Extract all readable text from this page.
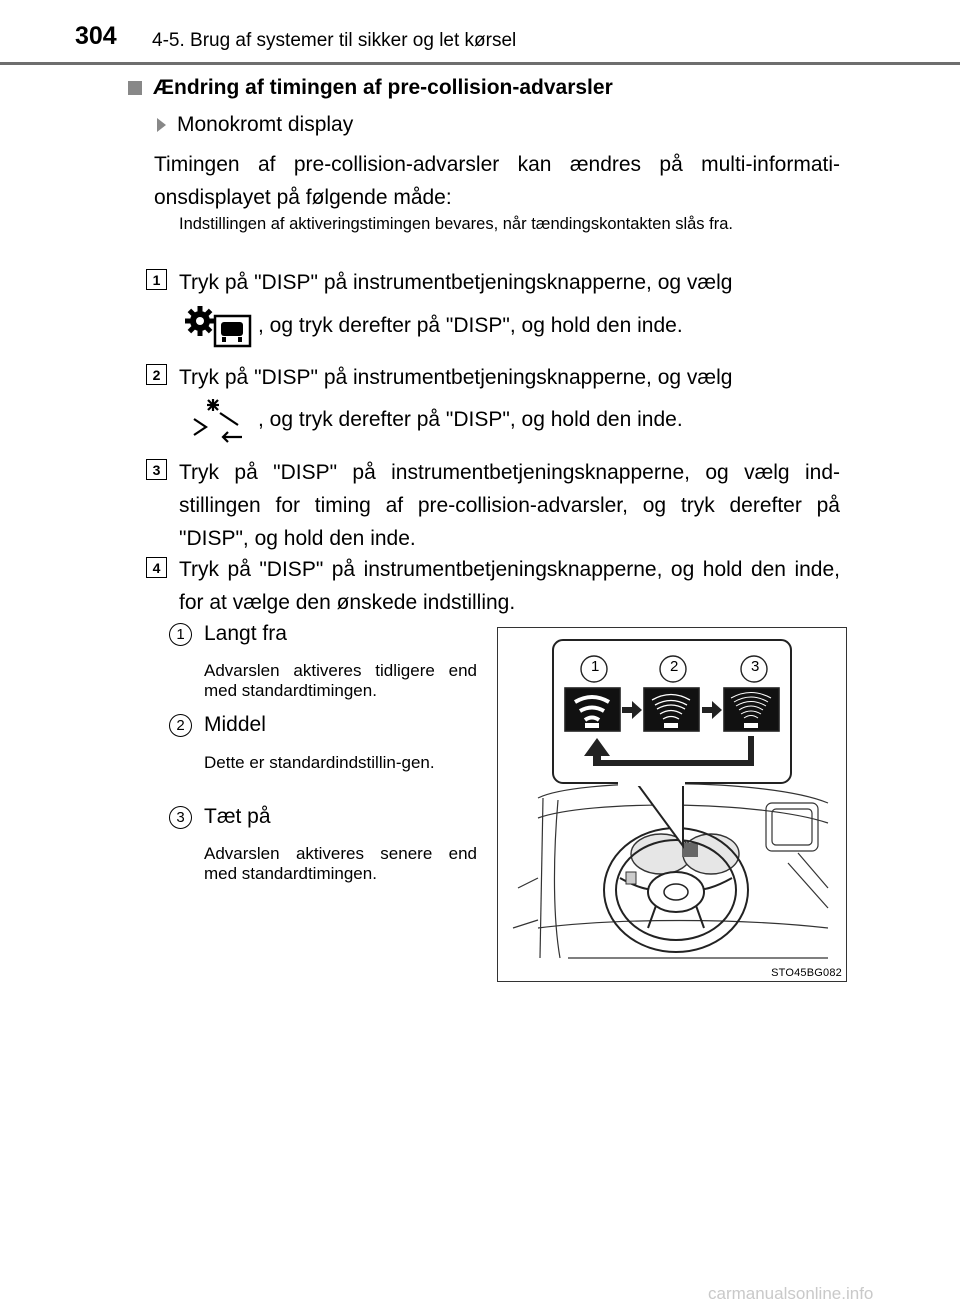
304 4-5. Brug af systemer til sikker og let kørsel
Ændring af timingen af pre-collision-advarsler
Monokromt display
Timingen af pre-collision-advarsler kan ændres på multi-informati-onsdisplayet på følgende måde:
Indstillingen af aktiveringstimingen bevares, når tændingskontakten slås fra.
1 Tryk på "DISP" på instrumentbetjeningsknapperne, og vælg
, og tryk derefter på "DISP", og hold den inde.
2 Tryk på "DISP" på instrumentbetjeningsknapperne, og vælg
, og tryk derefter på "DISP", og hold den inde.
3 Tryk på "DISP" på instrumentbetjeningsknapperne, og vælg ind-stillingen for timing af pre-collision-advarsler, og tryk derefter på "DISP", og hold den inde.
4 Tryk på "DISP" på instrumentbetjeningsknapperne, og hold den inde, for at vælge den ønskede indstilling.
1 Langt fra
Advarslen aktiveres tidligere end med standardtimingen.
2 Middel
Dette er standardindstillin-gen.
3 Tæt på
Advarslen aktiveres senere end med standardtimingen.
1	2	3
STO45BG082
carmanualsonline.info
